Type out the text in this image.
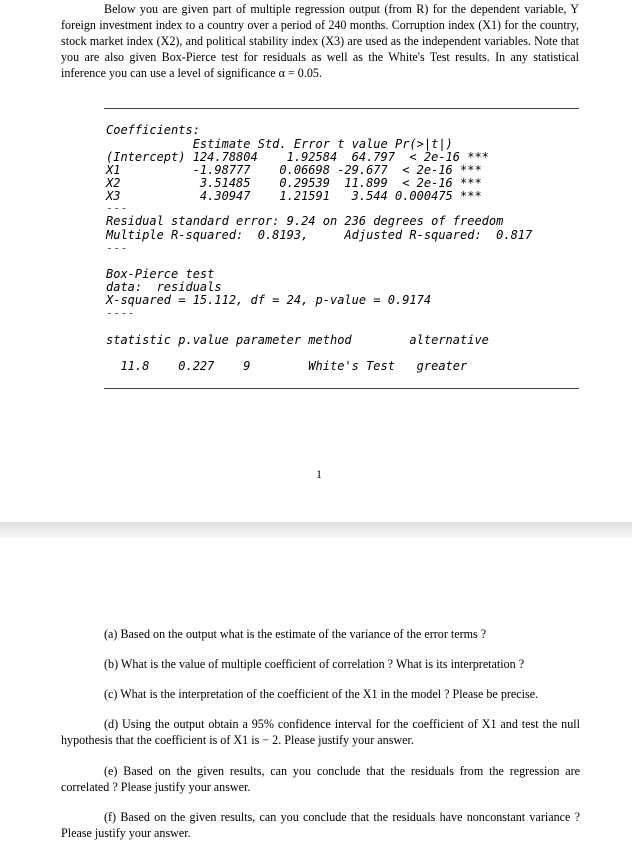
Below you are given part of multiple regression output (from R) for the dependent variable, Y foreign investment index to a country over a period of 240 months. Corruption index (X1) for the country, stock market index (X2), and political stability index (X3) are used as the independent variables. Note that you are also given Box-Pierce test for residuals as well as the White's Test results. In any statistical inference you can use a level of significance α = 0.05.

Coefficients:
Estimate Std. Error t value Pr(>|t|)
(Intercept) 124.78804    1.92584  64.797  < 2e-16 ***
X1          -1.98777    0.06698 -29.677  < 2e-16 ***
X2           3.51485    0.29539  11.899  < 2e-16 ***
X3           4.30947    1.21591   3.544 0.000475 ***
---
Residual standard error: 9.24 on 236 degrees of freedom
Multiple R-squared:  0.8193,     Adjusted R-squared:  0.817
---
Box-Pierce test
data:  residuals
X-squared = 15.112, df = 24, p-value = 0.9174
----
statistic p.value parameter method        alternative
11.8    0.227    9        White's Test   greater
1

(a) Based on the output what is the estimate of the variance of the error terms ?

(b) What is the value of multiple coefficient of correlation ? What is its interpretation ?

(c) What is the interpretation of the coefficient of the X1 in the model ? Please be precise.

(d) Using the output obtain a 95% confidence interval for the coefficient of X1 and test the null hypothesis that the coefficient is of X1 is − 2. Please justify your answer.

(e) Based on the given results, can you conclude that the residuals from the regression are correlated ? Please justify your answer.

(f) Based on the given results, can you conclude that the residuals have nonconstant variance ? Please justify your answer.
